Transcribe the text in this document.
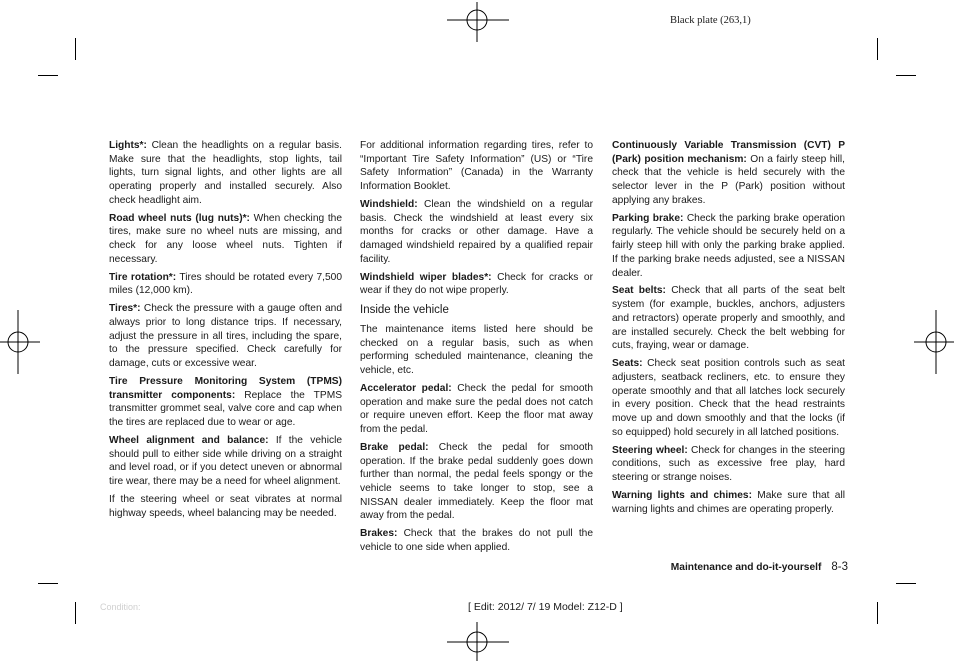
Black plate (263,1)

Lights*: Clean the headlights on a regular basis. Make sure that the headlights, stop lights, tail lights, turn signal lights, and other lights are all operating properly and installed securely. Also check headlight aim.

Road wheel nuts (lug nuts)*: When checking the tires, make sure no wheel nuts are missing, and check for any loose wheel nuts. Tighten if necessary.

Tire rotation*: Tires should be rotated every 7,500 miles (12,000 km).

Tires*: Check the pressure with a gauge often and always prior to long distance trips. If necessary, adjust the pressure in all tires, including the spare, to the pressure specified. Check carefully for damage, cuts or excessive wear.

Tire Pressure Monitoring System (TPMS) transmitter components: Replace the TPMS transmitter grommet seal, valve core and cap when the tires are replaced due to wear or age.

Wheel alignment and balance: If the vehicle should pull to either side while driving on a straight and level road, or if you detect uneven or abnormal tire wear, there may be a need for wheel alignment.

If the steering wheel or seat vibrates at normal highway speeds, wheel balancing may be needed.

For additional information regarding tires, refer to “Important Tire Safety Information” (US) or “Tire Safety Information” (Canada) in the Warranty Information Booklet.

Windshield: Clean the windshield on a regular basis. Check the windshield at least every six months for cracks or other damage. Have a damaged windshield repaired by a qualified repair facility.

Windshield wiper blades*: Check for cracks or wear if they do not wipe properly.

Inside the vehicle

The maintenance items listed here should be checked on a regular basis, such as when performing scheduled maintenance, cleaning the vehicle, etc.

Accelerator pedal: Check the pedal for smooth operation and make sure the pedal does not catch or require uneven effort. Keep the floor mat away from the pedal.

Brake pedal: Check the pedal for smooth operation. If the brake pedal suddenly goes down further than normal, the pedal feels spongy or the vehicle seems to take longer to stop, see a NISSAN dealer immediately. Keep the floor mat away from the pedal.

Brakes: Check that the brakes do not pull the vehicle to one side when applied.

Continuously Variable Transmission (CVT) P (Park) position mechanism: On a fairly steep hill, check that the vehicle is held securely with the selector lever in the P (Park) position without applying any brakes.

Parking brake: Check the parking brake operation regularly. The vehicle should be securely held on a fairly steep hill with only the parking brake applied. If the parking brake needs adjusted, see a NISSAN dealer.

Seat belts: Check that all parts of the seat belt system (for example, buckles, anchors, adjusters and retractors) operate properly and smoothly, and are installed securely. Check the belt webbing for cuts, fraying, wear or damage.

Seats: Check seat position controls such as seat adjusters, seatback recliners, etc. to ensure they operate smoothly and that all latches lock securely in every position. Check that the head restraints move up and down smoothly and that the locks (if so equipped) hold securely in all latched positions.

Steering wheel: Check for changes in the steering conditions, such as excessive free play, hard steering or strange noises.

Warning lights and chimes: Make sure that all warning lights and chimes are operating properly.

Maintenance and do-it-yourself 8-3
Condition:	[ Edit: 2012/ 7/ 19 Model: Z12-D ]
